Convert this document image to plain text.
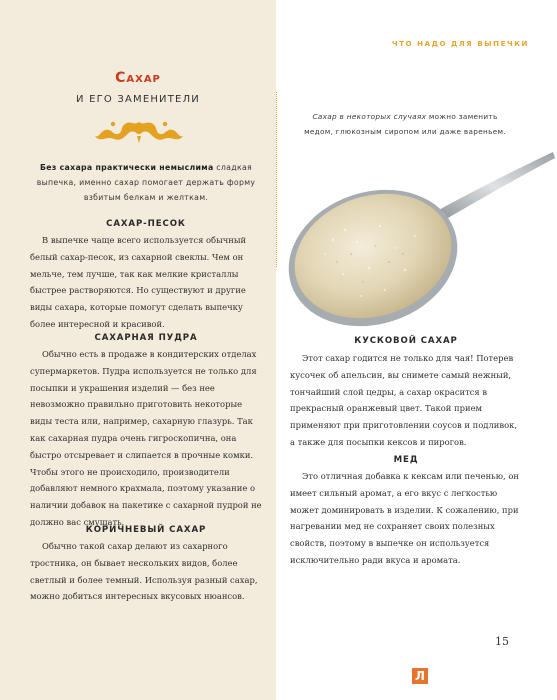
ЧТО НАДО ДЛЯ ВЫПЕЧКИ
Сахар
И ЕГО ЗАМЕНИТЕЛИ
Без сахара практически немыслима сладкая выпечка, именно сахар помогает держать форму взбитым белкам и желткам.
САХАР-ПЕСОК

В выпечке чаще всего используется обычный белый сахар-песок, из сахарной свеклы. Чем он мельче, тем лучше, так как мелкие кристаллы быстрее растворяются. Но существуют и другие виды сахара, которые помогут сделать выпечку более интересной и красивой.

САХАРНАЯ ПУДРА

Обычно есть в продаже в кондитерских отделах супермаркетов. Пудра используется не только для посыпки и украшения изделий — без нее невозможно правильно приготовить некоторые виды теста или, например, сахарную глазурь. Так как сахарная пудра очень гигроскопична, она быстро отсыревает и слипается в прочные комки. Чтобы этого не происходило, производители добавляют немного крахмала, поэтому указание о наличии добавок на пакетике с сахарной пудрой не должно вас смущать.

КОРИЧНЕВЫЙ САХАР

Обычно такой сахар делают из сахарного тростника, он бывает нескольких видов, более светлый и более темный. Используя разный сахар, можно добиться интересных вкусовых нюансов.

Сахар в некоторых случаях можно заменить медом, глюкозным сиропом или даже вареньем.
КУСКОВОЙ САХАР

Этот сахар годится не только для чая! Потерев кусочек об апельсин, вы снимете самый нежный, тончайший слой цедры, а сахар окрасится в прекрасный оранжевый цвет. Такой прием применяют при приготовлении соусов и подливок, а также для посыпки кексов и пирогов.

МЕД

Это отличная добавка к кексам или печенью, он имеет сильный аромат, а его вкус с легкостью может доминировать в изделии. К сожалению, при нагревании мед не сохраняет своих полезных свойств, поэтому в выпечке он используется исключительно ради вкуса и аромата.

15
Л
